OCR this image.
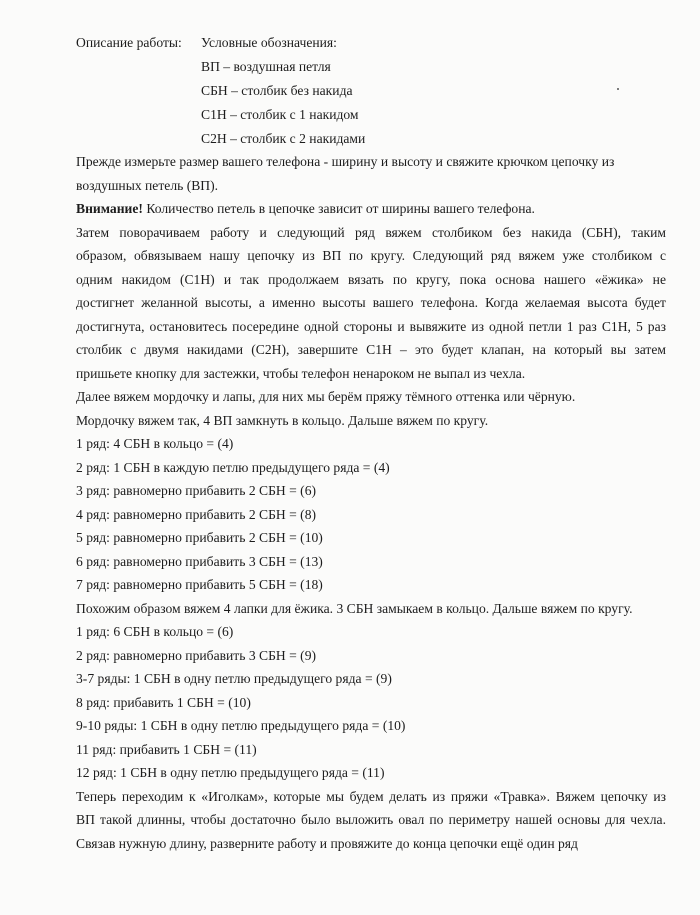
Описание работы: Условные обозначения:
ВП – воздушная петля
СБН – столбик без накида
С1Н – столбик с 1 накидом
С2Н – столбик с 2 накидами
Прежде измерьте размер вашего телефона - ширину и высоту и свяжите крючком цепочку из
воздушных петель (ВП).
Внимание! Количество петель в цепочке зависит от ширины вашего телефона.
Затем поворачиваем работу и следующий ряд вяжем столбиком без накида (СБН), таким
образом, обвязываем нашу цепочку из ВП по кругу. Следующий ряд вяжем уже столбиком с
одним накидом (С1Н) и так продолжаем вязать по кругу, пока основа нашего «ёжика» не
достигнет желанной высоты, а именно высоты вашего телефона. Когда желаемая высота будет
достигнута, остановитесь посередине одной стороны и вывяжите из одной петли 1 раз С1Н, 5 раз
столбик с двумя накидами (С2Н), завершите С1Н – это будет клапан, на который вы затем
пришьете кнопку для застежки, чтобы телефон ненароком не выпал из чехла.
Далее вяжем мордочку и лапы, для них мы берём пряжу тёмного оттенка или чёрную.
Мордочку вяжем так, 4 ВП замкнуть в кольцо. Дальше вяжем по кругу.
1 ряд: 4 СБН в кольцо = (4)
2 ряд: 1 СБН в каждую петлю предыдущего ряда = (4)
3 ряд: равномерно прибавить 2 СБН = (6)
4 ряд: равномерно прибавить 2 СБН = (8)
5 ряд: равномерно прибавить 2 СБН = (10)
6 ряд: равномерно прибавить 3 СБН = (13)
7 ряд: равномерно прибавить 5 СБН = (18)
Похожим образом вяжем 4 лапки для ёжика. 3 СБН замыкаем в кольцо. Дальше вяжем по кругу.
1 ряд: 6 СБН в кольцо = (6)
2 ряд: равномерно прибавить 3 СБН = (9)
3-7 ряды: 1 СБН в одну петлю предыдущего ряда = (9)
8 ряд: прибавить 1 СБН = (10)
9-10 ряды: 1 СБН в одну петлю предыдущего ряда = (10)
11 ряд: прибавить 1 СБН = (11)
12 ряд: 1 СБН в одну петлю предыдущего ряда = (11)
Теперь переходим к «Иголкам», которые мы будем делать из пряжи «Травка». Вяжем цепочку из
ВП такой длинны, чтобы достаточно было выложить овал по периметру нашей основы для чехла.
Связав нужную длину, разверните работу и провяжите до конца цепочки ещё один ряд
